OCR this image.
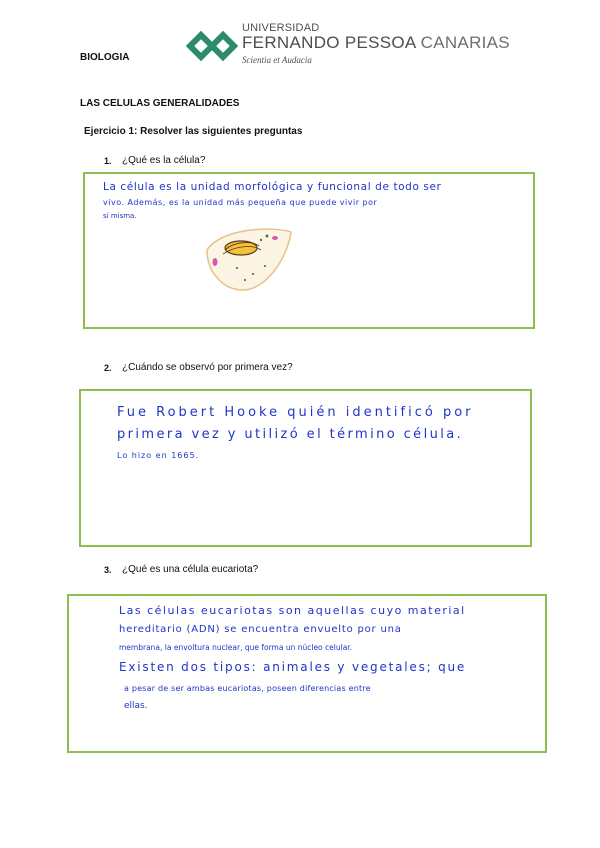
BIOLOGIA
UNIVERSIDAD
FERNANDO PESSOA CANARIAS
Scientia et Audacia
LAS CELULAS GENERALIDADES
Ejercicio 1: Resolver las siguientes preguntas
1. ¿Qué es la célula?
La célula es la unidad morfológica y funcional de todo ser
vivo. Además, es la unidad más pequeña que puede vivir por
sí misma.
2. ¿Cuándo se observó por primera vez?
Fue Robert Hooke quién identificó por
primera vez y utilizó el término célula.
Lo hizo en 1665.
3. ¿Qué es una célula eucariota?
Las células eucariotas son aquellas cuyo material
hereditario (ADN) se encuentra envuelto por una
membrana, la envoltura nuclear, que forma un núcleo celular.
Existen dos tipos: animales y vegetales; que
a pesar de ser ambas eucariotas, poseen diferencias entre
ellas.
